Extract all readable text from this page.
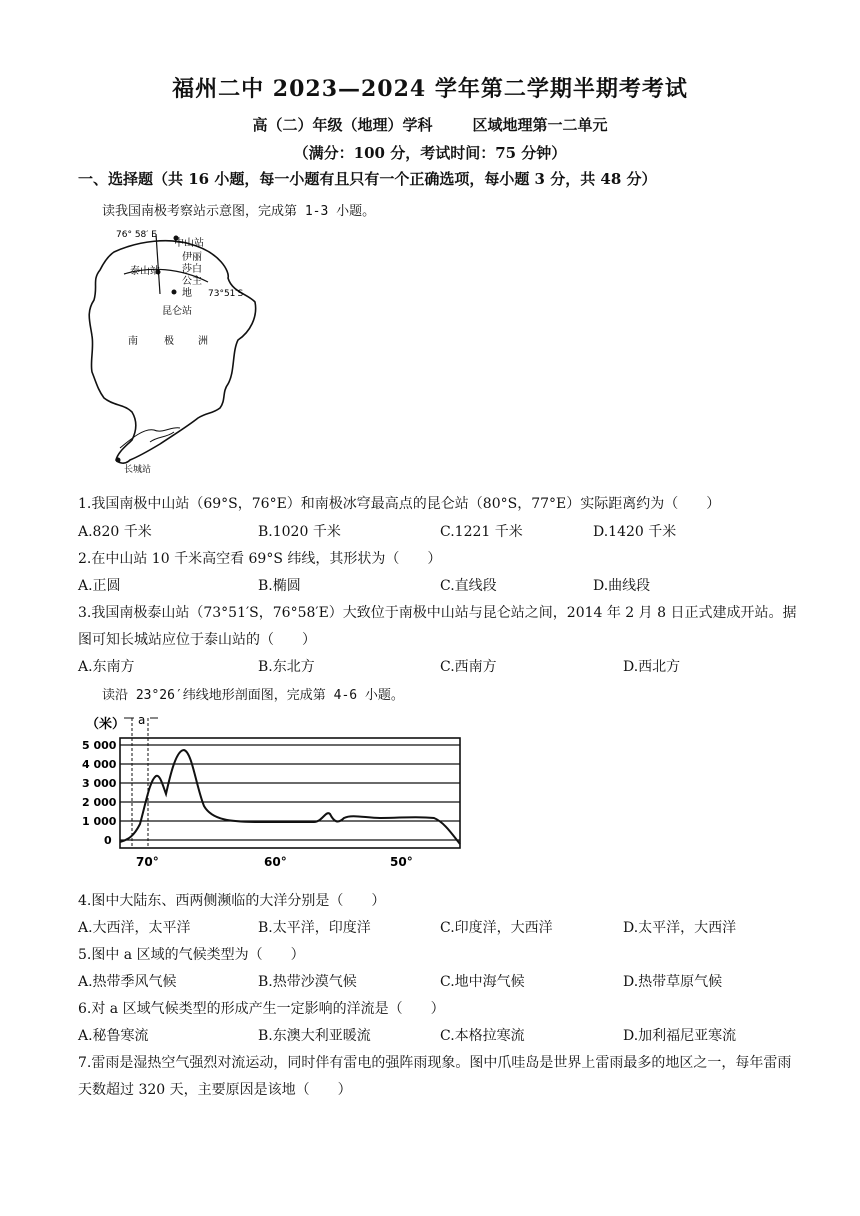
福州二中 2023—2024 学年第二学期半期考考试
高（二）年级（地理）学科	区域地理第一二单元
（满分：100 分，考试时间：75 分钟）
一、选择题（共 16 小题，每一小题有且只有一个正确选项，每小题 3 分，共 48 分）
读我国南极考察站示意图，完成第 1-3 小题。
76° 58′ E
中山站
伊 丽
莎 白
公 主
地
泰山站
73°51′S
昆仑站
南	极 洲
长城站
1.我国南极中山站（69°S，76°E）和南极冰穹最高点的昆仑站（80°S，77°E）实际距离约为（　　）
A.820 千米	B.1020 千米	C.1221 千米	D.1420 千米
2.在中山站 10 千米高空看 69°S 纬线，其形状为（　　）
A.正圆	B.椭圆	C.直线段	D.曲线段
3.我国南极泰山站（73°51′S，76°58′E）大致位于南极中山站与昆仑站之间，2014 年 2 月 8 日正式建成开站。据图可知长城站应位于泰山站的（　　）
A.东南方	B.东北方	C.西南方	D.西北方
读沿 23°26′纬线地形剖面图，完成第 4-6 小题。
（米） a
5 000
4 000
3 000
2 000
1 000
0
70°	60°	50°
4.图中大陆东、西两侧濒临的大洋分别是（　　）
A.大西洋，太平洋	B.太平洋，印度洋	C.印度洋，大西洋	D.太平洋，大西洋
5.图中 a 区域的气候类型为（　　）
A.热带季风气候	B.热带沙漠气候	C.地中海气候	D.热带草原气候
6.对 a 区域气候类型的形成产生一定影响的洋流是（　　）
A.秘鲁寒流	B.东澳大利亚暖流	C.本格拉寒流	D.加利福尼亚寒流
7.雷雨是湿热空气强烈对流运动，同时伴有雷电的强阵雨现象。图中爪哇岛是世界上雷雨最多的地区之一，每年雷雨天数超过 320 天，主要原因是该地（　　）
